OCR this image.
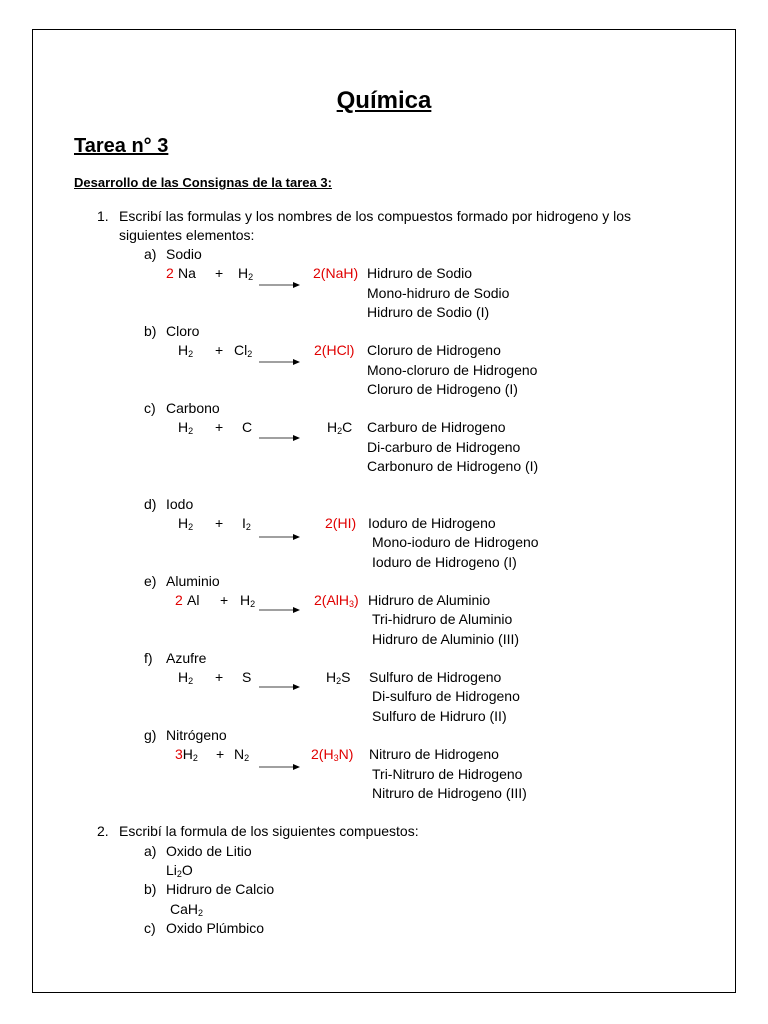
Química
Tarea n° 3
Desarrollo de las Consignas de la tarea 3:
1. Escribí las formulas y los nombres de los compuestos formado por hidrogeno y los
siguientes elementos:
a) Sodio
2 $Na + H_2$	2(NaH) Hidruro de Sodio
Mono-hidruro de Sodio
Hidruro de Sodio (I)
b) Cloro
$H_2 + Cl_2$	2(HCl) Cloruro de Hidrogeno
Mono-cloruro de Hidrogeno
Cloruro de Hidrogeno (I)
c) Carbono
$H_2 + C$	$H_2C$ Carburo de Hidrogeno
Di-carburo de Hidrogeno
Carbonuro de Hidrogeno (I)
d) Iodo
$H_2 + I_2$	2(HI) Ioduro de Hidrogeno
Mono-ioduro de Hidrogeno
Ioduro de Hidrogeno (I)
e) Aluminio
2 $Al + H_2$	2(AlH$_3$) Hidruro de Aluminio
Tri-hidruro de Aluminio
Hidruro de Aluminio (III)
f) Azufre
$H_2 + S$	$H_2S$ Sulfuro de Hidrogeno
Di-sulfuro de Hidrogeno
Sulfuro de Hidruro (II)
g) Nitrógeno
$3H_2 + N_2$	$2(H_3N)$ Nitruro de Hidrogeno
Tri-Nitruro de Hidrogeno
Nitruro de Hidrogeno (III)
2. Escribí la formula de los siguientes compuestos:
a) Oxido de Litio
$Li_2O$
b) Hidruro de Calcio
CaH$_2$
c) Oxido Plúmbico
